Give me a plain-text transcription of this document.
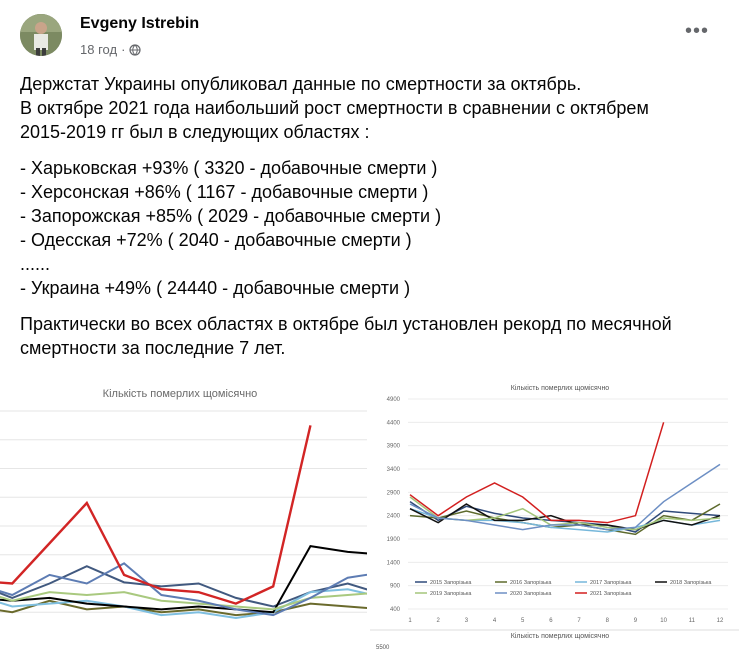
Evgeny Istrebin
18 год ·
•••

Держстат Украины опубликовал данные по смертности за октябрь.

В октябре 2021 года наибольший рост смертности в сравнении с октябрем

2015-2019 гг был в следующих областях :

- Харьковская +93% ( 3320 - добавочные смерти )

- Херсонская +86% ( 1167 - добавочные смерти )

- Запорожская +85% ( 2029 - добавочные смерти )

- Одесская +72% ( 2040 - добавочные смерти )

......

- Украина +49% ( 24440 - добавочные смерти )

Практически во всех областях в октябре был установлен рекорд по месячной

смертности за последние 7 лет.

Кількість померлих щомісячно	Кількість померлих щомісячно
400
900
1400
1900
2400
2900
3400
3900
4400
4900
2015 Запорізька	2016 Запорізька	2017 Запорізька	2018 Запорізька
2019 Запорізька	2020 Запорізька	2021 Запорізька
1	2	3	4	5	6	7	8	9	10	11	12
Кількість померлих щомісячно
5500
